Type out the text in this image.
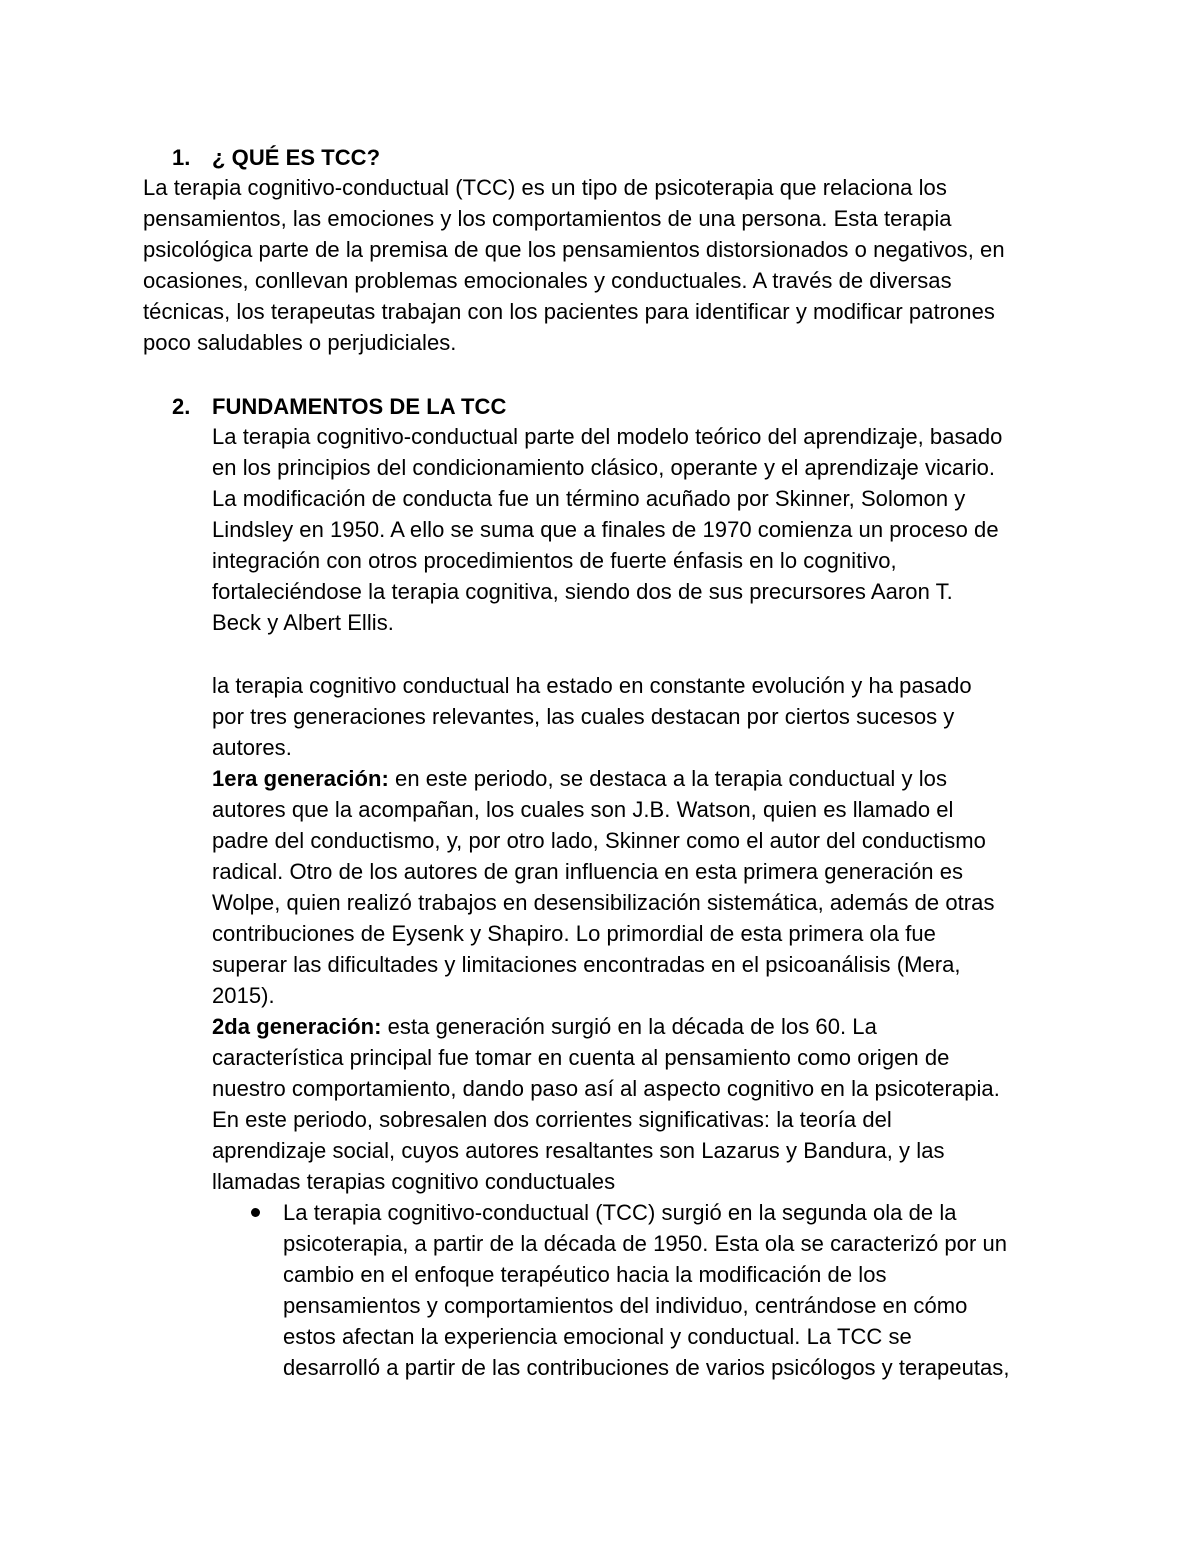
1. ¿ QUÉ ES TCC?
La terapia cognitivo-conductual (TCC) es un tipo de psicoterapia que relaciona los
pensamientos, las emociones y los comportamientos de una persona. Esta terapia
psicológica parte de la premisa de que los pensamientos distorsionados o negativos, en
ocasiones, conllevan problemas emocionales y conductuales. A través de diversas
técnicas, los terapeutas trabajan con los pacientes para identificar y modificar patrones
poco saludables o perjudiciales.
2. FUNDAMENTOS DE LA TCC
La terapia cognitivo-conductual parte del modelo teórico del aprendizaje, basado
en los principios del condicionamiento clásico, operante y el aprendizaje vicario.
La modificación de conducta fue un término acuñado por Skinner, Solomon y
Lindsley en 1950. A ello se suma que a finales de 1970 comienza un proceso de
integración con otros procedimientos de fuerte énfasis en lo cognitivo,
fortaleciéndose la terapia cognitiva, siendo dos de sus precursores Aaron T.
Beck y Albert Ellis.
la terapia cognitivo conductual ha estado en constante evolución y ha pasado
por tres generaciones relevantes, las cuales destacan por ciertos sucesos y
autores.
1era generación: en este periodo, se destaca a la terapia conductual y los
autores que la acompañan, los cuales son J.B. Watson, quien es llamado el
padre del conductismo, y, por otro lado, Skinner como el autor del conductismo
radical. Otro de los autores de gran influencia en esta primera generación es
Wolpe, quien realizó trabajos en desensibilización sistemática, además de otras
contribuciones de Eysenk y Shapiro. Lo primordial de esta primera ola fue
superar las dificultades y limitaciones encontradas en el psicoanálisis (Mera,
2015).
2da generación: esta generación surgió en la década de los 60. La
característica principal fue tomar en cuenta al pensamiento como origen de
nuestro comportamiento, dando paso así al aspecto cognitivo en la psicoterapia.
En este periodo, sobresalen dos corrientes significativas: la teoría del
aprendizaje social, cuyos autores resaltantes son Lazarus y Bandura, y las
llamadas terapias cognitivo conductuales
La terapia cognitivo-conductual (TCC) surgió en la segunda ola de la
psicoterapia, a partir de la década de 1950. Esta ola se caracterizó por un
cambio en el enfoque terapéutico hacia la modificación de los
pensamientos y comportamientos del individuo, centrándose en cómo
estos afectan la experiencia emocional y conductual. La TCC se
desarrolló a partir de las contribuciones de varios psicólogos y terapeutas,
